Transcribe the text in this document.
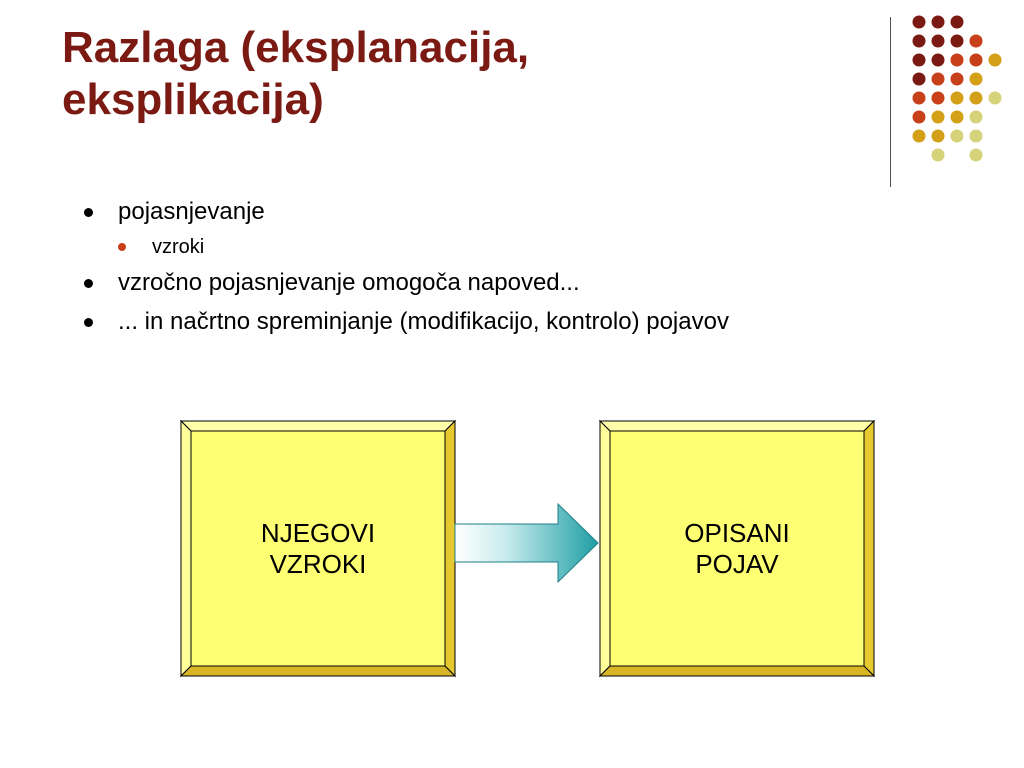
Razlaga (eksplanacija,
eksplikacija)
pojasnjevanje
vzroki
vzročno pojasnjevanje omogoča napoved...
... in načrtno spreminjanje (modifikacijo, kontrolo) pojavov
NJEGOVI
VZROKI
OPISANI
POJAV
